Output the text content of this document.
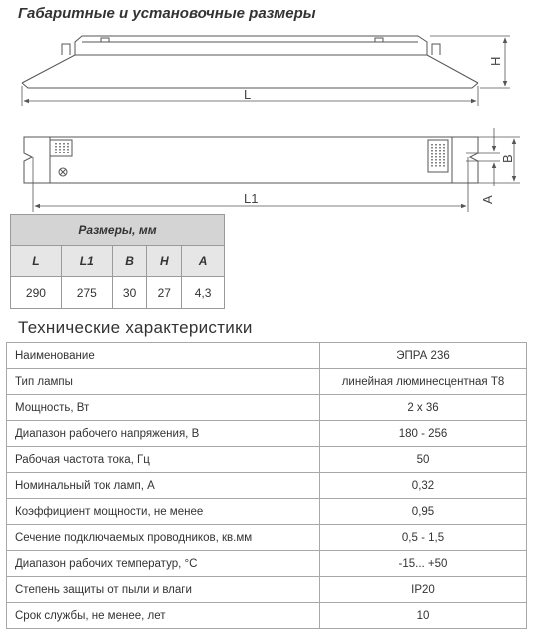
Габаритные и установочные размеры
H
L
B
A
L1
Размеры, мм				
L	L1	B	H	A
290	275	30	27	4,3
Технические характеристики
Наименование	ЭПРА 236
Тип лампы	линейная люминесцентная Т8
Мощность, Вт	2 х 36
Диапазон рабочего напряжения, В	180 - 256
Рабочая частота тока, Гц	50
Номинальный ток ламп, А	0,32
Коэффициент мощности, не менее	0,95
Сечение подключаемых проводников, кв.мм	0,5 - 1,5
Диапазон рабочих температур, °С	-15... +50
Степень защиты от пыли и влаги	IP20
Срок службы, не менее, лет	10
